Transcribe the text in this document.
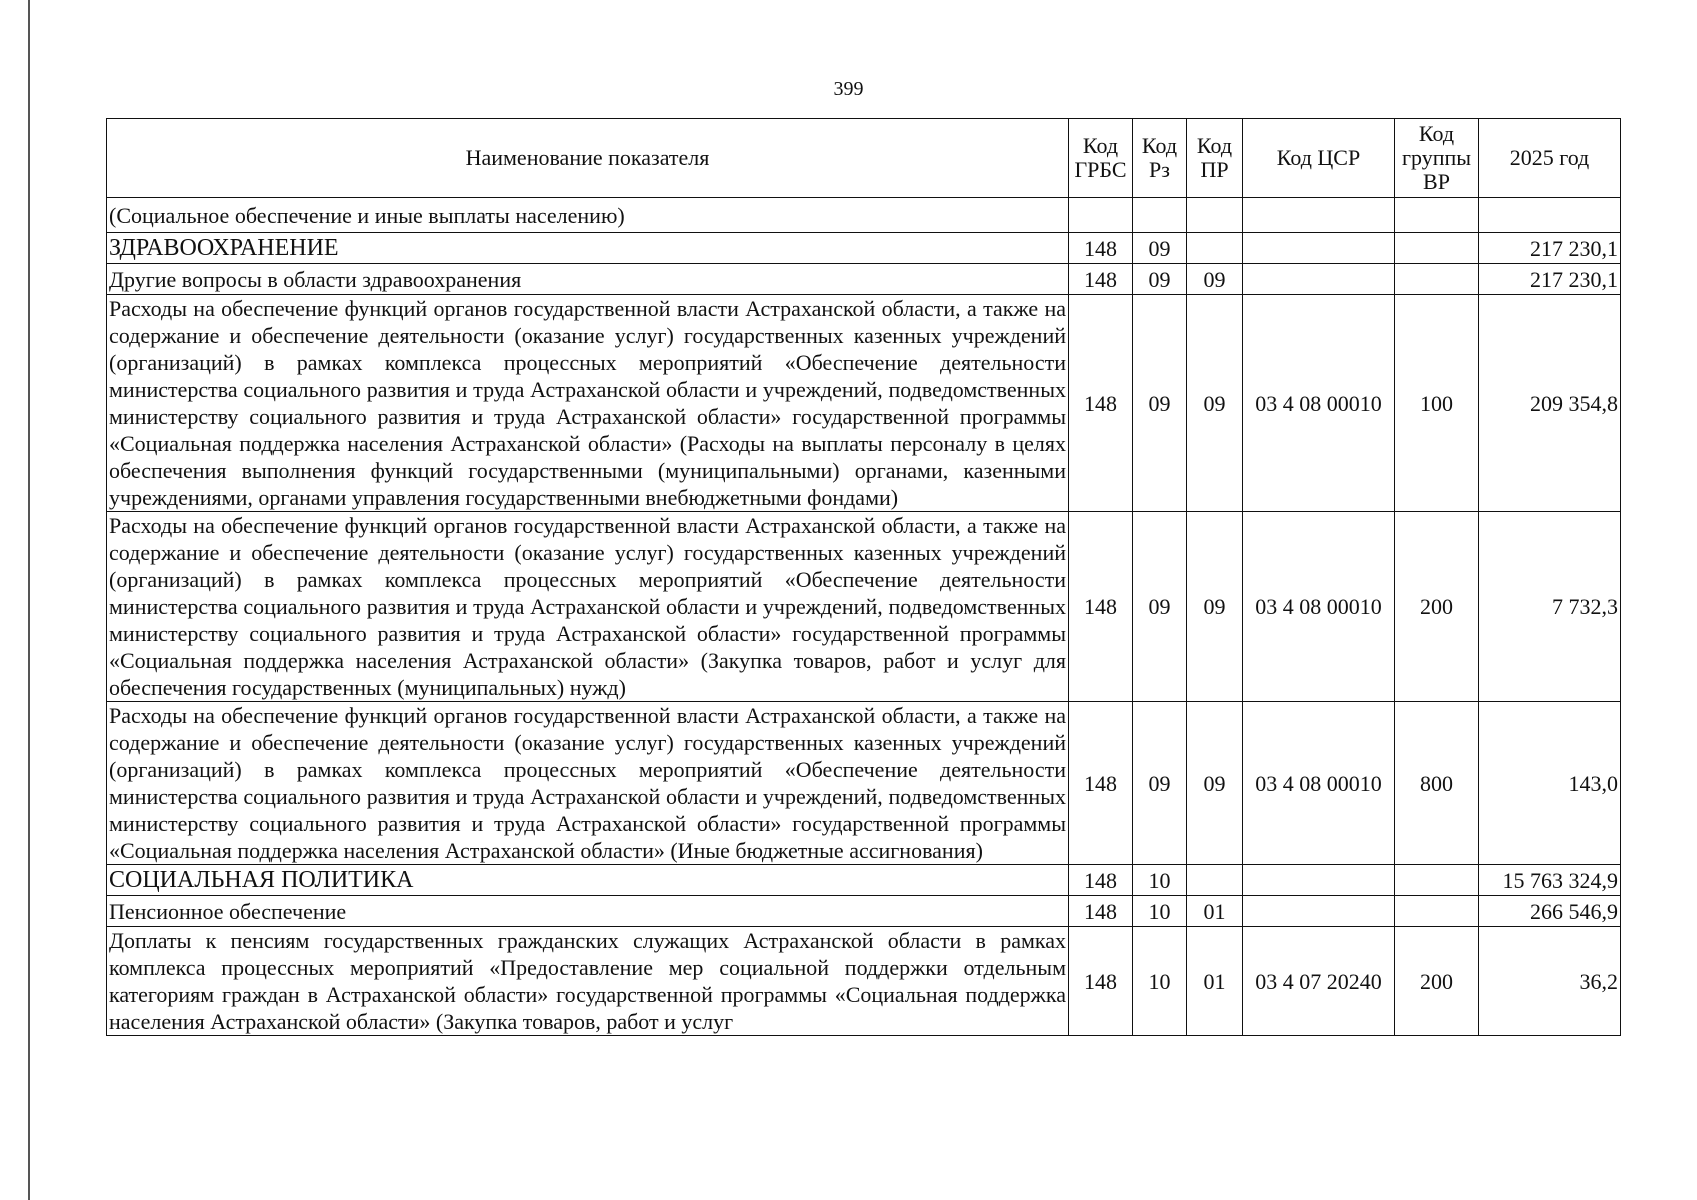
399
Наименование показателя	Код ГРБС	Код Рз	Код ПР	Код ЦСР	Код группы ВР	2025 год
(Социальное обеспечение и иные выплаты населению)						
ЗДРАВООХРАНЕНИЕ	148	09				217 230,1
Другие вопросы в области здравоохранения	148	09	09			217 230,1
Расходы на обеспечение функций органов государственной власти Астраханской области, а также на содержание и обеспечение деятельности (оказание услуг) государственных казенных учреждений (организаций) в рамках комплекса процессных мероприятий «Обеспечение деятельности министерства социального развития и труда Астраханской области и учреждений, подведомственных министерству социального развития и труда Астраханской области» государственной программы «Социальная поддержка населения Астраханской области» (Расходы на выплаты персоналу в целях обеспечения выполнения функций государственными (муниципальными) органами, казенными учреждениями, органами управления государственными внебюджетными фондами)	148	09	09	03 4 08 00010	100	209 354,8
Расходы на обеспечение функций органов государственной власти Астраханской области, а также на содержание и обеспечение деятельности (оказание услуг) государственных казенных учреждений (организаций) в рамках комплекса процессных мероприятий «Обеспечение деятельности министерства социального развития и труда Астраханской области и учреждений, подведомственных министерству социального развития и труда Астраханской области» государственной программы «Социальная поддержка населения Астраханской области» (Закупка товаров, работ и услуг для обеспечения государственных (муниципальных) нужд)	148	09	09	03 4 08 00010	200	7 732,3
Расходы на обеспечение функций органов государственной власти Астраханской области, а также на содержание и обеспечение деятельности (оказание услуг) государственных казенных учреждений (организаций) в рамках комплекса процессных мероприятий «Обеспечение деятельности министерства социального развития и труда Астраханской области и учреждений, подведомственных министерству социального развития и труда Астраханской области» государственной программы «Социальная поддержка населения Астраханской области» (Иные бюджетные ассигнования)	148	09	09	03 4 08 00010	800	143,0
СОЦИАЛЬНАЯ ПОЛИТИКА	148	10				15 763 324,9
Пенсионное обеспечение	148	10	01			266 546,9
Доплаты к пенсиям государственных гражданских служащих Астраханской области в рамках комплекса процессных мероприятий «Предоставление мер социальной поддержки отдельным категориям граждан в Астраханской области» государственной программы «Социальная поддержка населения Астраханской области» (Закупка товаров, работ и услуг	148	10	01	03 4 07 20240	200	36,2
